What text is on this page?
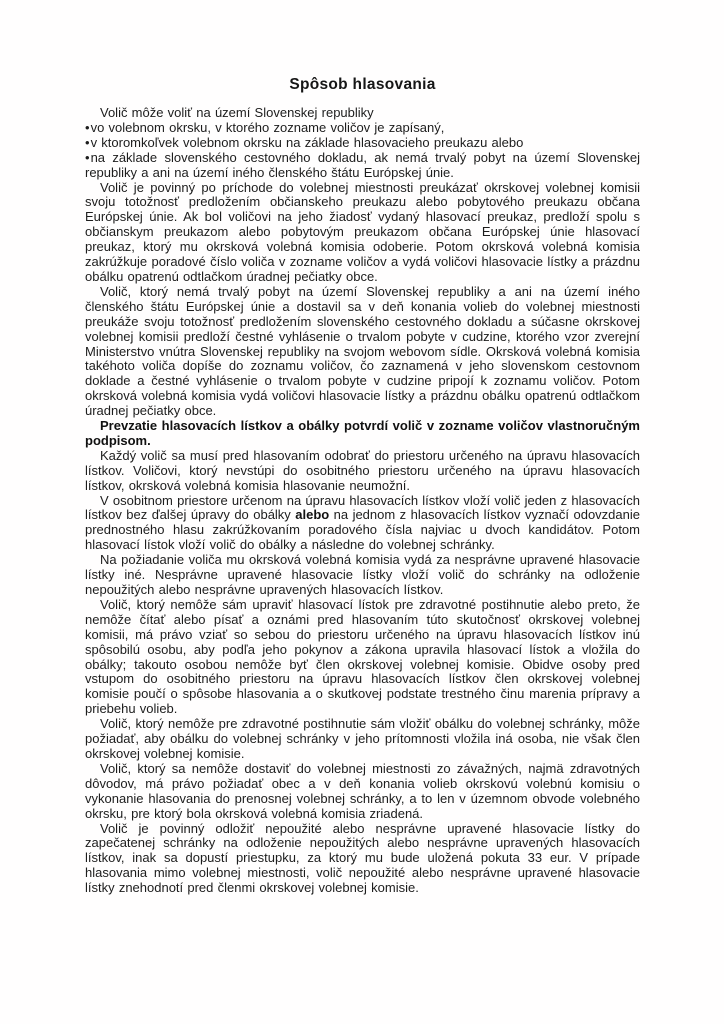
Spôsob hlasovania

Volič môže voliť na území Slovenskej republiky

•vo volebnom okrsku, v ktorého zozname voličov je zapísaný,

•v ktoromkoľvek volebnom okrsku na základe hlasovacieho preukazu alebo

•na základe slovenského cestovného dokladu, ak nemá trvalý pobyt na území Slovenskej republiky a ani na území iného členského štátu Európskej únie.

Volič je povinný po príchode do volebnej miestnosti preukázať okrskovej volebnej komisii svoju totožnosť predložením občianskeho preukazu alebo pobytového preukazu občana Európskej únie. Ak bol voličovi na jeho žiadosť vydaný hlasovací preukaz, predloží spolu s občianskym preukazom alebo pobytovým preukazom občana Európskej únie hlasovací preukaz, ktorý mu okrsková volebná komisia odoberie. Potom okrsková volebná komisia zakrúžkuje poradové číslo voliča v zozname voličov a vydá voličovi hlasovacie lístky a prázdnu obálku opatrenú odtlačkom úradnej pečiatky obce.

Volič, ktorý nemá trvalý pobyt na území Slovenskej republiky a ani na území iného členského štátu Európskej únie a dostavil sa v deň konania volieb do volebnej miestnosti preukáže svoju totožnosť predložením slovenského cestovného dokladu a súčasne okrskovej volebnej komisii predloží čestné vyhlásenie o trvalom pobyte v cudzine, ktorého vzor zverejní Ministerstvo vnútra Slovenskej republiky na svojom webovom sídle. Okrsková volebná komisia takéhoto voliča dopíše do zoznamu voličov, čo zaznamená v jeho slovenskom cestovnom doklade a čestné vyhlásenie o trvalom pobyte v cudzine pripojí k zoznamu voličov. Potom okrsková volebná komisia vydá voličovi hlasovacie lístky a prázdnu obálku opatrenú odtlačkom úradnej pečiatky obce.

Prevzatie hlasovacích lístkov a obálky potvrdí volič v zozname voličov vlastnoručným podpisom.

Každý volič sa musí pred hlasovaním odobrať do priestoru určeného na úpravu hlasovacích lístkov. Voličovi, ktorý nevstúpi do osobitného priestoru určeného na úpravu hlasovacích lístkov, okrsková volebná komisia hlasovanie neumožní.

V osobitnom priestore určenom na úpravu hlasovacích lístkov vloží volič jeden z hlasovacích lístkov bez ďalšej úpravy do obálky alebo na jednom z hlasovacích lístkov vyznačí odovzdanie prednostného hlasu zakrúžkovaním poradového čísla najviac u dvoch kandidátov. Potom hlasovací lístok vloží volič do obálky a následne do volebnej schránky.

Na požiadanie voliča mu okrsková volebná komisia vydá za nesprávne upravené hlasovacie lístky iné. Nesprávne upravené hlasovacie lístky vloží volič do schránky na odloženie nepoužitých alebo nesprávne upravených hlasovacích lístkov.

Volič, ktorý nemôže sám upraviť hlasovací lístok pre zdravotné postihnutie alebo preto, že nemôže čítať alebo písať a oznámi pred hlasovaním túto skutočnosť okrskovej volebnej komisii, má právo vziať so sebou do priestoru určeného na úpravu hlasovacích lístkov inú spôsobilú osobu, aby podľa jeho pokynov a zákona upravila hlasovací lístok a vložila do obálky; takouto osobou nemôže byť člen okrskovej volebnej komisie. Obidve osoby pred vstupom do osobitného priestoru na úpravu hlasovacích lístkov člen okrskovej volebnej komisie poučí o spôsobe hlasovania a o skutkovej podstate trestného činu marenia prípravy a priebehu volieb.

Volič, ktorý nemôže pre zdravotné postihnutie sám vložiť obálku do volebnej schránky, môže požiadať, aby obálku do volebnej schránky v jeho prítomnosti vložila iná osoba, nie však člen okrskovej volebnej komisie.

Volič, ktorý sa nemôže dostaviť do volebnej miestnosti zo závažných, najmä zdravotných dôvodov, má právo požiadať obec a v deň konania volieb okrskovú volebnú komisiu o vykonanie hlasovania do prenosnej volebnej schránky, a to len v územnom obvode volebného okrsku, pre ktorý bola okrsková volebná komisia zriadená.

Volič je povinný odložiť nepoužité alebo nesprávne upravené hlasovacie lístky do zapečatenej schránky na odloženie nepoužitých alebo nesprávne upravených hlasovacích lístkov, inak sa dopustí priestupku, za ktorý mu bude uložená pokuta 33 eur. V prípade hlasovania mimo volebnej miestnosti, volič nepoužité alebo nesprávne upravené hlasovacie lístky znehodnotí pred členmi okrskovej volebnej komisie.
